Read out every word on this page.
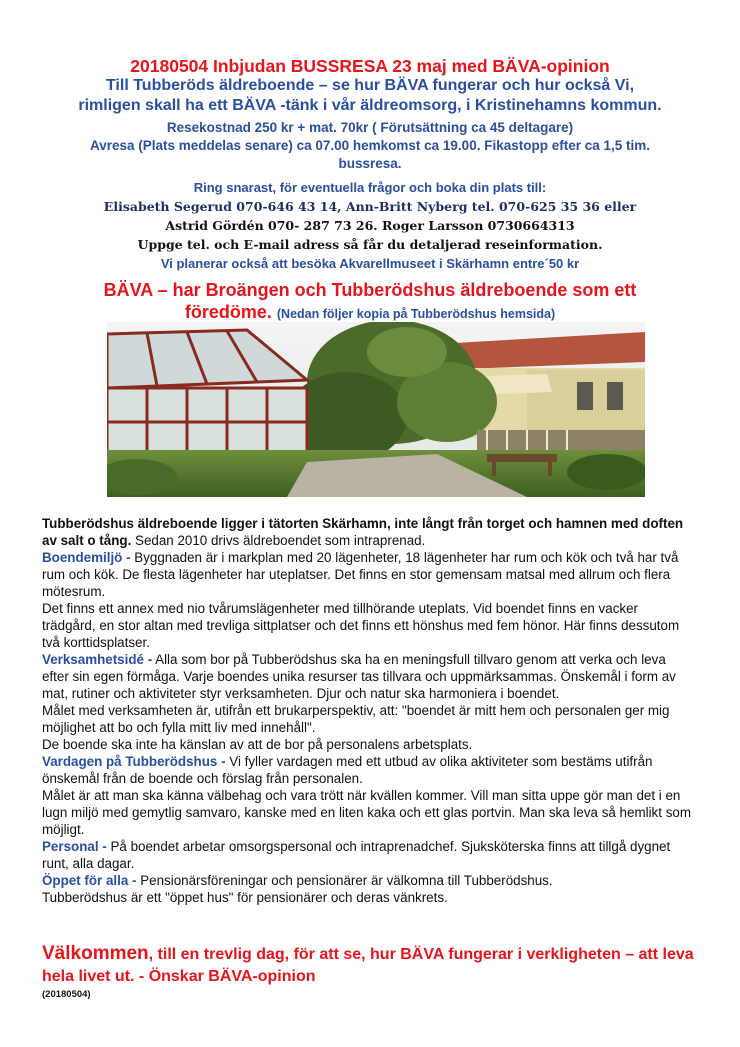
20180504 Inbjudan BUSSRESA 23 maj med BÄVA-opinion
Till Tubberöds äldreboende – se hur BÄVA fungerar och hur också Vi,
rimligen skall ha ett BÄVA -tänk i vår äldreomsorg, i Kristinehamns kommun.
Resekostnad 250 kr + mat. 70kr ( Förutsättning ca 45 deltagare)
Avresa (Plats meddelas senare) ca 07.00 hemkomst ca 19.00. Fikastopp efter ca 1,5 tim.
bussresa.
Ring snarast, för eventuella frågor och boka din plats till:
Elisabeth Segerud 070-646 43 14, Ann-Britt Nyberg tel. 070-625 35 36 eller
Astrid Gördén 070- 287 73 26. Roger Larsson 0730664313
Uppge tel. och E-mail adress så får du detaljerad reseinformation.
Vi planerar också att besöka Akvarellmuseet i Skärhamn entre´50 kr
BÄVA – har Broängen och Tubberödshus äldreboende som ett
föredöme. (Nedan följer kopia på Tubberödshus hemsida)

Tubberödshus äldreboende ligger i tätorten Skärhamn, inte långt från torget och hamnen med doften av salt o tång. Sedan 2010 drivs äldreboendet som intraprenad.

Boendemiljö - Byggnaden är i markplan med 20 lägenheter, 18 lägenheter har rum och kök och två har två rum och kök. De flesta lägenheter har uteplatser. Det finns en stor gemensam matsal med allrum och flera mötesrum.

Det finns ett annex med nio tvårumslägenheter med tillhörande uteplats. Vid boendet finns en vacker trädgård, en stor altan med trevliga sittplatser och det finns ett hönshus med fem hönor. Här finns dessutom två korttidsplatser.

Verksamhetsidé - Alla som bor på Tubberödshus ska ha en meningsfull tillvaro genom att verka och leva efter sin egen förmåga. Varje boendes unika resurser tas tillvara och uppmärksammas. Önskemål i form av mat, rutiner och aktiviteter styr verksamheten. Djur och natur ska harmoniera i boendet.

Målet med verksamheten är, utifrån ett brukarperspektiv, att: "boendet är mitt hem och personalen ger mig möjlighet att bo och fylla mitt liv med innehåll".

De boende ska inte ha känslan av att de bor på personalens arbetsplats.

Vardagen på Tubberödshus - Vi fyller vardagen med ett utbud av olika aktiviteter som bestäms utifrån önskemål från de boende och förslag från personalen.

Målet är att man ska känna välbehag och vara trött när kvällen kommer. Vill man sitta uppe gör man det i en lugn miljö med gemytlig samvaro, kanske med en liten kaka och ett glas portvin. Man ska leva så hemlikt som möjligt.

Personal - På boendet arbetar omsorgspersonal och intraprenadchef. Sjuksköterska finns att tillgå dygnet runt, alla dagar.

Öppet för alla - Pensionärsföreningar och pensionärer är välkomna till Tubberödshus.

Tubberödshus är ett "öppet hus" för pensionärer och deras vänkrets.

Välkommen, till en trevlig dag, för att se, hur BÄVA fungerar i verkligheten – att leva hela livet ut. - Önskar BÄVA-opinion
(20180504)
